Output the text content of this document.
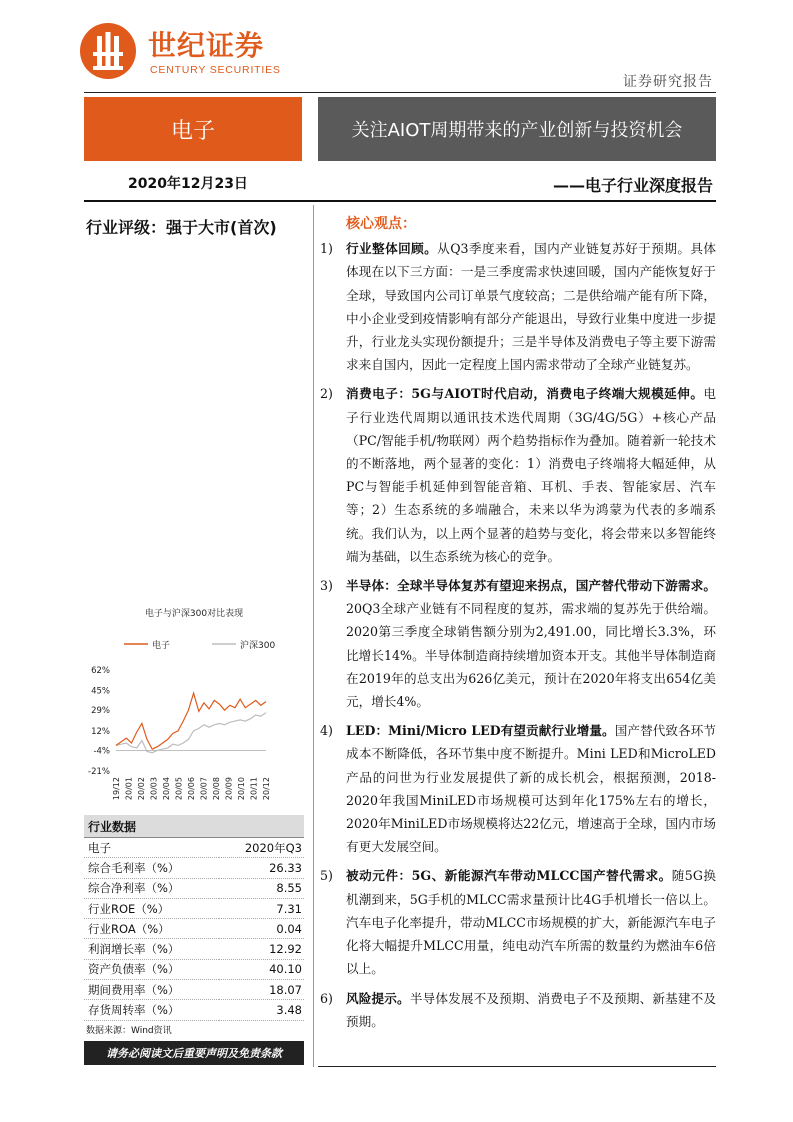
世纪证券
CENTURY SECURITIES
证券研究报告
电子	关注AIOT周期带来的产业创新与投资机会
2020年12月23日	——电子行业深度报告
行业评级：强于大市(首次)
电子与沪深300对比表现
电子	沪深300
62%
45%
29%
12%
-4%
-21%
19/12 20/01 20/02 20/03 20/04 20/05 20/06 20/07 20/08 20/09 20/10 20/11 20/12
行业数据	
电子	2020年Q3
综合毛利率（%）	26.33
综合净利率（%）	8.55
行业ROE（%）	7.31
行业ROA（%）	0.04
利润增长率（%）	12.92
资产负债率（%）	40.10
期间费用率（%）	18.07
存货周转率（%）	3.48
数据来源：Wind资讯
请务必阅读文后重要声明及免责条款
核心观点：
1) 行业整体回顾。从Q3季度来看，国内产业链复苏好于预期。具体体现在以下三方面：一是三季度需求快速回暖，国内产能恢复好于全球，导致国内公司订单景气度较高；二是供给端产能有所下降，中小企业受到疫情影响有部分产能退出，导致行业集中度进一步提升，行业龙头实现份额提升；三是半导体及消费电子等主要下游需求来自国内，因此一定程度上国内需求带动了全球产业链复苏。
2) 消费电子：5G与AIOT时代启动，消费电子终端大规模延伸。电子行业迭代周期以通讯技术迭代周期（3G/4G/5G）+核心产品（PC/智能手机/物联网）两个趋势指标作为叠加。随着新一轮技术的不断落地，两个显著的变化：1）消费电子终端将大幅延伸，从PC与智能手机延伸到智能音箱、耳机、手表、智能家居、汽车等；2）生态系统的多端融合，未来以华为鸿蒙为代表的多端系统。我们认为，以上两个显著的趋势与变化，将会带来以多智能终端为基础，以生态系统为核心的竞争。
3) 半导体：全球半导体复苏有望迎来拐点，国产替代带动下游需求。20Q3全球产业链有不同程度的复苏，需求端的复苏先于供给端。2020第三季度全球销售额分别为2,491.00，同比增长3.3%，环比增长14%。半导体制造商持续增加资本开支。其他半导体制造商在2019年的总支出为626亿美元，预计在2020年将支出654亿美元，增长4%。
4) LED：Mini/Micro LED有望贡献行业增量。国产替代致各环节成本不断降低，各环节集中度不断提升。Mini LED和MicroLED产品的问世为行业发展提供了新的成长机会，根据预测，2018-2020年我国MiniLED市场规模可达到年化175%左右的增长，2020年MiniLED市场规模将达22亿元，增速高于全球，国内市场有更大发展空间。
5) 被动元件：5G、新能源汽车带动MLCC国产替代需求。随5G换机潮到来，5G手机的MLCC需求量预计比4G手机增长一倍以上。汽车电子化率提升，带动MLCC市场规模的扩大，新能源汽车电子化将大幅提升MLCC用量，纯电动汽车所需的数量约为燃油车6倍以上。
6) 风险提示。半导体发展不及预期、消费电子不及预期、新基建不及预期。
